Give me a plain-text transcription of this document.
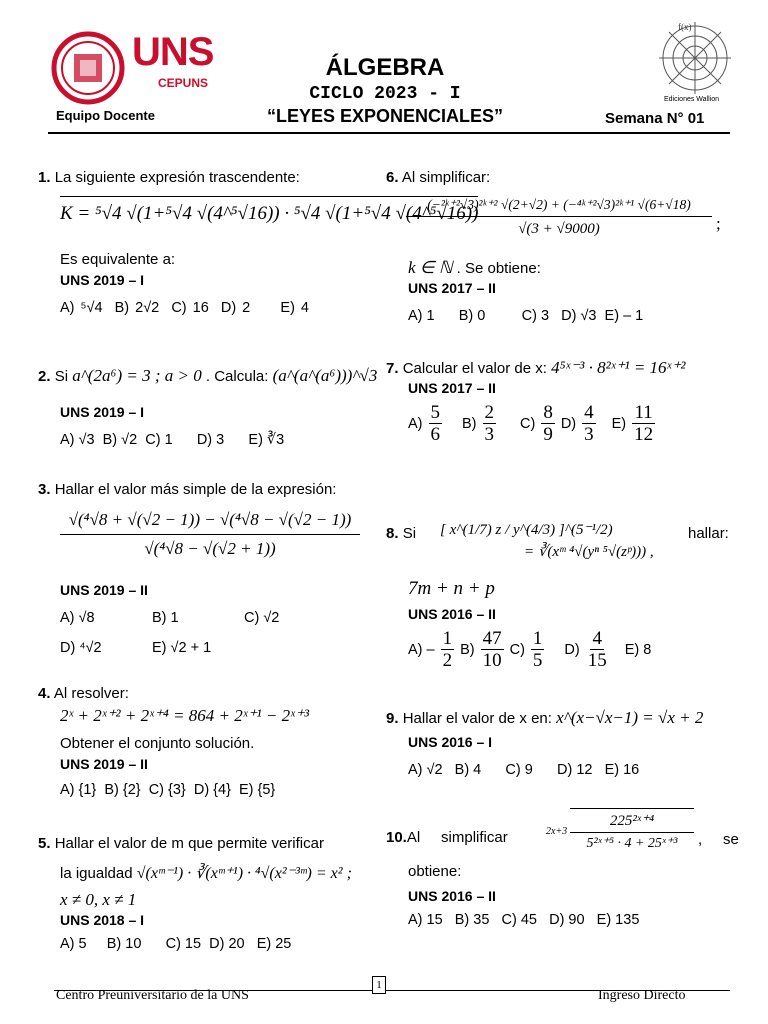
UNS
CEPUNS
ÁLGEBRA
CICLO 2023 - I
“LEYES EXPONENCIALES”
Equipo Docente	Semana N° 01
f(x)
Ediciones Wallion
1. La siguiente expresión trascendente:
K = ⁵√4 √(1+⁵√4 √(4^⁵√16)) · ⁵√4 √(1+⁵√4 √(4^⁵√16))
Es equivalente a:
UNS 2019 – I
A) ⁵√4 B) 2√2 C) 16 D) 2 E) 4
2. Si a^(2a⁶) = 3 ; a > 0 . Calcula: (a^(a^(a⁶)))^√3
UNS 2019 – I
A) √3 B) √2 C) 1 D) 3 E) ∛3
3. Hallar el valor más simple de la expresión:
$\frac{\text{√(⁴√8 + √(√2 − 1)) − √(⁴√8 − √(√2 − 1))}}{\text{√(⁴√8 − √(√2 + 1))}}$
UNS 2019 – II
A) √8	B) 1	C) √2
D) ⁴√2	E) √2 + 1
4. Al resolver:
2ˣ + 2ˣ⁺² + 2ˣ⁺⁴ = 864 + 2ˣ⁺¹ − 2ˣ⁺³
Obtener el conjunto solución.
UNS 2019 – II
A) {1} B) {2} C) {3} D) {4} E) {5}
5. Hallar el valor de m que permite verificar
la igualdad √(xᵐ⁻¹) · ∛(xᵐ⁺¹) · ⁴√(x²⁻³ᵐ) = x² ;
x ≠ 0, x ≠ 1
UNS 2018 – I
A) 5 B) 10 C) 15 D) 20 E) 25
6. Al simplificar:
$\frac{\text{(−²ᵏ⁺²√3)²ᵏ⁺² √(2+√2) + (−⁴ᵏ⁺²√3)²ᵏ⁺¹ √(6+√18)}}{√(3 + √9000)}$ ;
k ∈ ℕ . Se obtiene:
UNS 2017 – II
A) 1 B) 0	C) 3 D) √3 E) – 1
7. Calcular el valor de x: 4⁵ˣ⁻³ · 8²ˣ⁺¹ = 16ˣ⁺²
UNS 2017 – II
$A) \frac{5}{6} B) \frac{2}{3} C) \frac{8}{9} D) \frac{4}{3} E) \frac{11}{12}$
8. Si [ x^(1/7) z / y^(4/3) ]^(5⁻¹/2)
= ∛(xᵐ ⁴√(yⁿ ⁵√(zᵖ))) ,
hallar:
7m + n + p
UNS 2016 – II
$A) - \frac{1}{2} B) \frac{47}{10} C) \frac{1}{5} D) \frac{4}{15} E$) 8
9. Hallar el valor de x en: x^(x−√x−1) = √x + 2
UNS 2016 – I
A) √2 B) 4 C) 9 D) 12 E) 16
10.Al     simplificar	$2x+3 \frac{\text{225²ˣ⁺⁴}}{\text{5²ˣ⁺⁵ · 4 + 25ˣ⁺³}}$ ,     se
obtiene:
UNS 2016 – II
A) 15 B) 35 C) 45 D) 90 E) 135
Centro Preuniversitario de la UNS
1
Ingreso Directo
